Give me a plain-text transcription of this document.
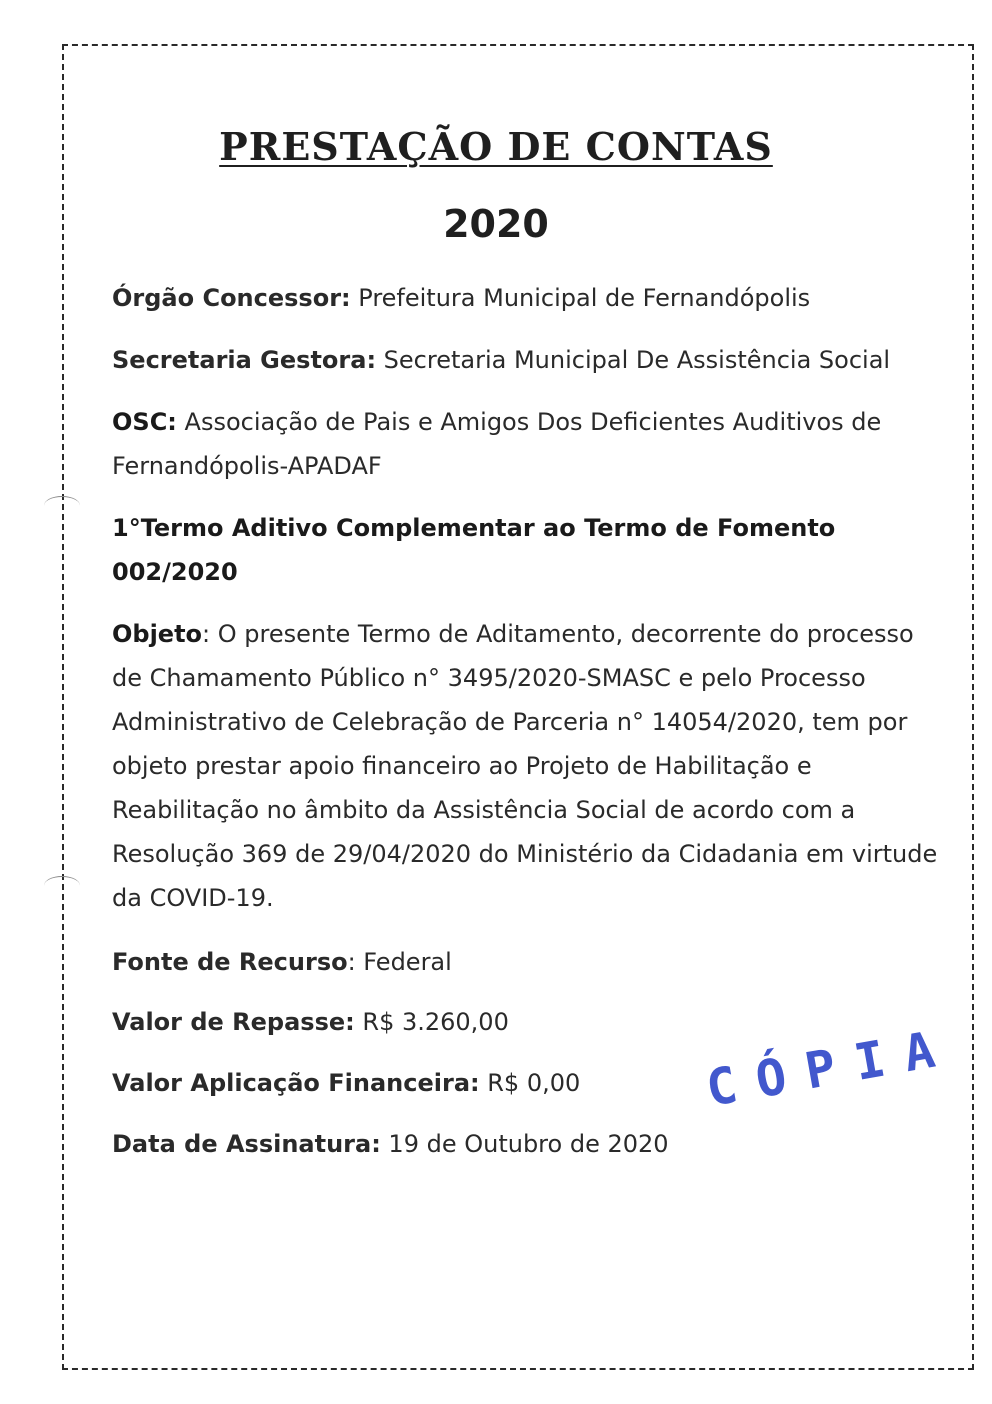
PRESTAÇÃO DE CONTAS
2020
Órgão Concessor: Prefeitura Municipal de Fernandópolis
Secretaria Gestora: Secretaria Municipal De Assistência Social
OSC: Associação de Pais e Amigos Dos Deficientes Auditivos de Fernandópolis-APADAF
1°Termo Aditivo Complementar ao Termo de Fomento 002/2020
Objeto: O presente Termo de Aditamento, decorrente do processo de Chamamento Público n° 3495/2020-SMASC e pelo Processo Administrativo de Celebração de Parceria n° 14054/2020, tem por objeto prestar apoio financeiro ao Projeto de Habilitação e Reabilitação no âmbito da Assistência Social de acordo com a Resolução 369 de 29/04/2020 do Ministério da Cidadania em virtude da COVID-19.
Fonte de Recurso: Federal
Valor de Repasse: R$ 3.260,00
Valor Aplicação Financeira: R$ 0,00
Data de Assinatura: 19 de Outubro de 2020
CÓPIA
